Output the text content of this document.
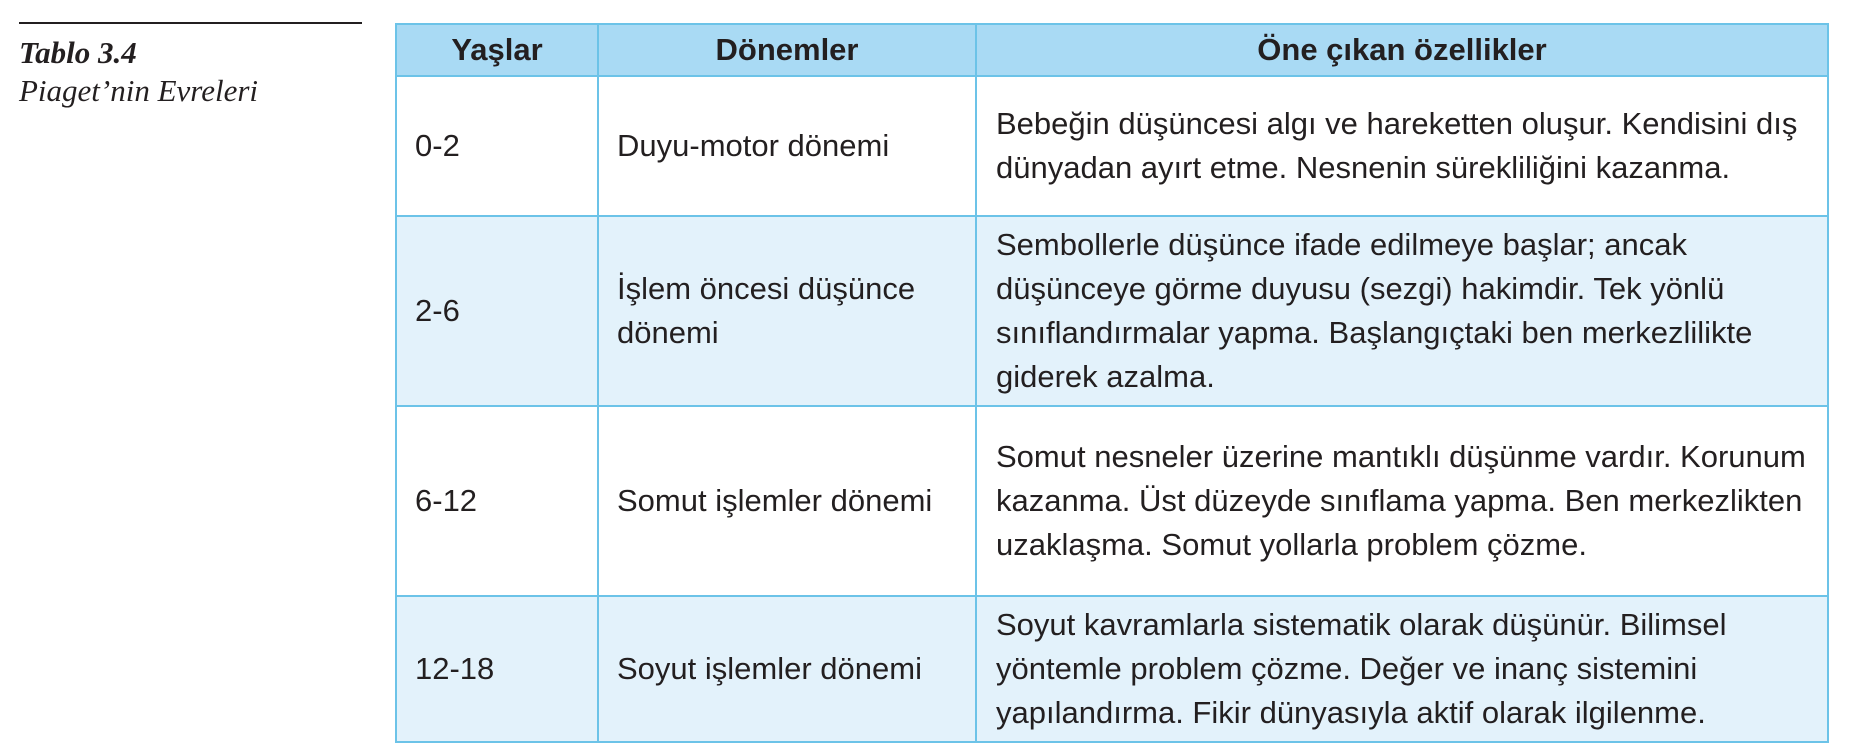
Tablo 3.4
Piaget’nin Evreleri
Yaşlar	Dönemler	Öne çıkan özellikler
0-2	Duyu-motor dönemi	Bebeğin düşüncesi algı ve hareketten oluşur. Kendisini dış dünyadan ayırt etme. Nesnenin sürekliliğini kazanma.
2-6	İşlem öncesi düşünce dönemi	Sembollerle düşünce ifade edilmeye başlar; ancak düşünceye görme duyusu (sezgi) hakimdir. Tek yönlü sınıflandırmalar yapma. Başlangıçtaki ben merkezlilikte giderek azalma.
6-12	Somut işlemler dönemi	Somut nesneler üzerine mantıklı düşünme vardır. Korunum kazanma. Üst düzeyde sınıflama yapma. Ben merkezlikten uzaklaşma. Somut yollarla problem çözme.
12-18	Soyut işlemler dönemi	Soyut kavramlarla sistematik olarak düşünür. Bilimsel yöntemle problem çözme. Değer ve inanç sistemini yapılandırma. Fikir dünyasıyla aktif olarak ilgilenme.
